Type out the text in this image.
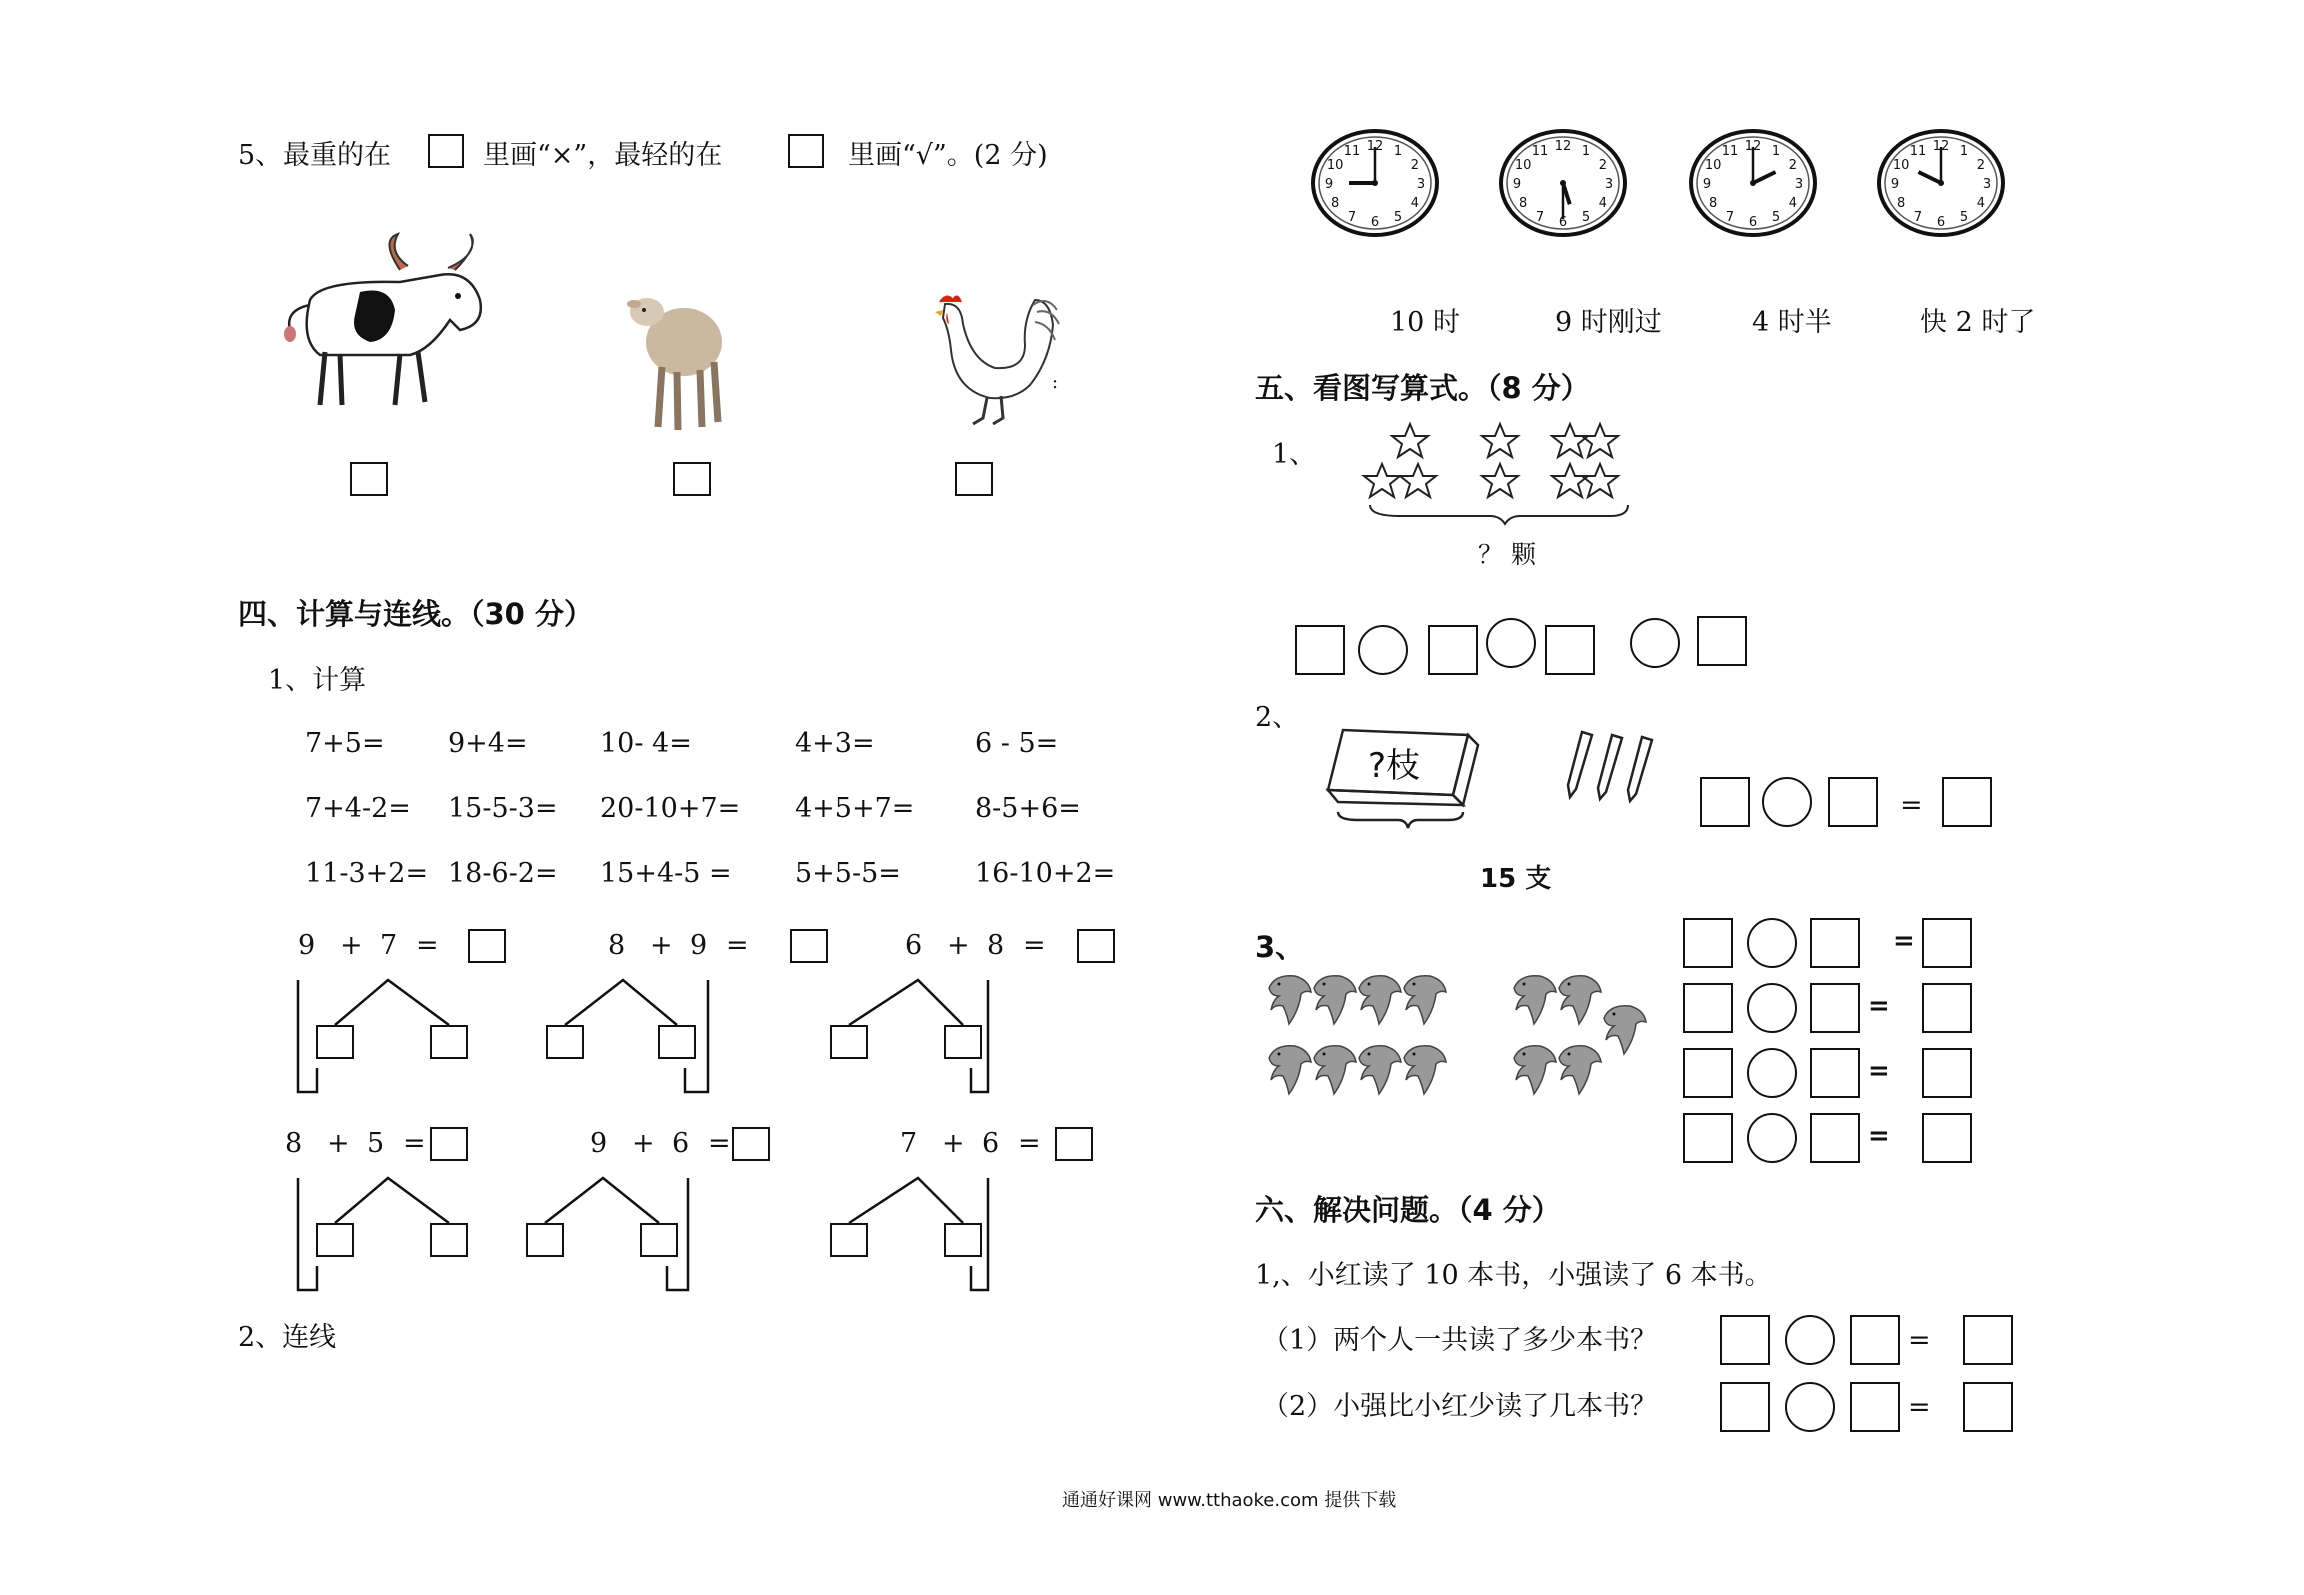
5、 最重的在	里画“×”，最轻的在	里画“√”。(2 分)
:
四、计算与连线。（30 分）
1、计算
2、连线
10 时	9 时刚过	4 时半	快 2 时了
五、看图写算式。（8 分）
1、
？ 颗
2、
?枝
15 支
=
3、
六、解决问题。（4 分）
1,、小红读了 10 本书，小强读了 6 本书。
（1）两个人一共读了多少本书？
（2）小强比小红少读了几本书？
通通好课网 www.tthaoke.com 提供下载
7+5= 9+4=	10- 4=	4+3=	6 - 5=
7+4-2= 15-5-3= 20-10+7= 4+5+7= 8-5+6=
11-3+2= 18-6-2= 15+4-5 = 5+5-5=	16-10+2=
9 + 7 =	8 + 9 =	6 + 8 =
8 + 5 =	9 + 6 =	7 + 6 =
1
2
3
4
5
6
7
8
9
10
11 12	1
2
3
4
5
6
7
8
9
10
11 12	1
2
3
4
5
6
7
8
9
10
11 12	1
2
3
4
5
6
7
8
9
10
11 12
=
=
=
=
=
=
